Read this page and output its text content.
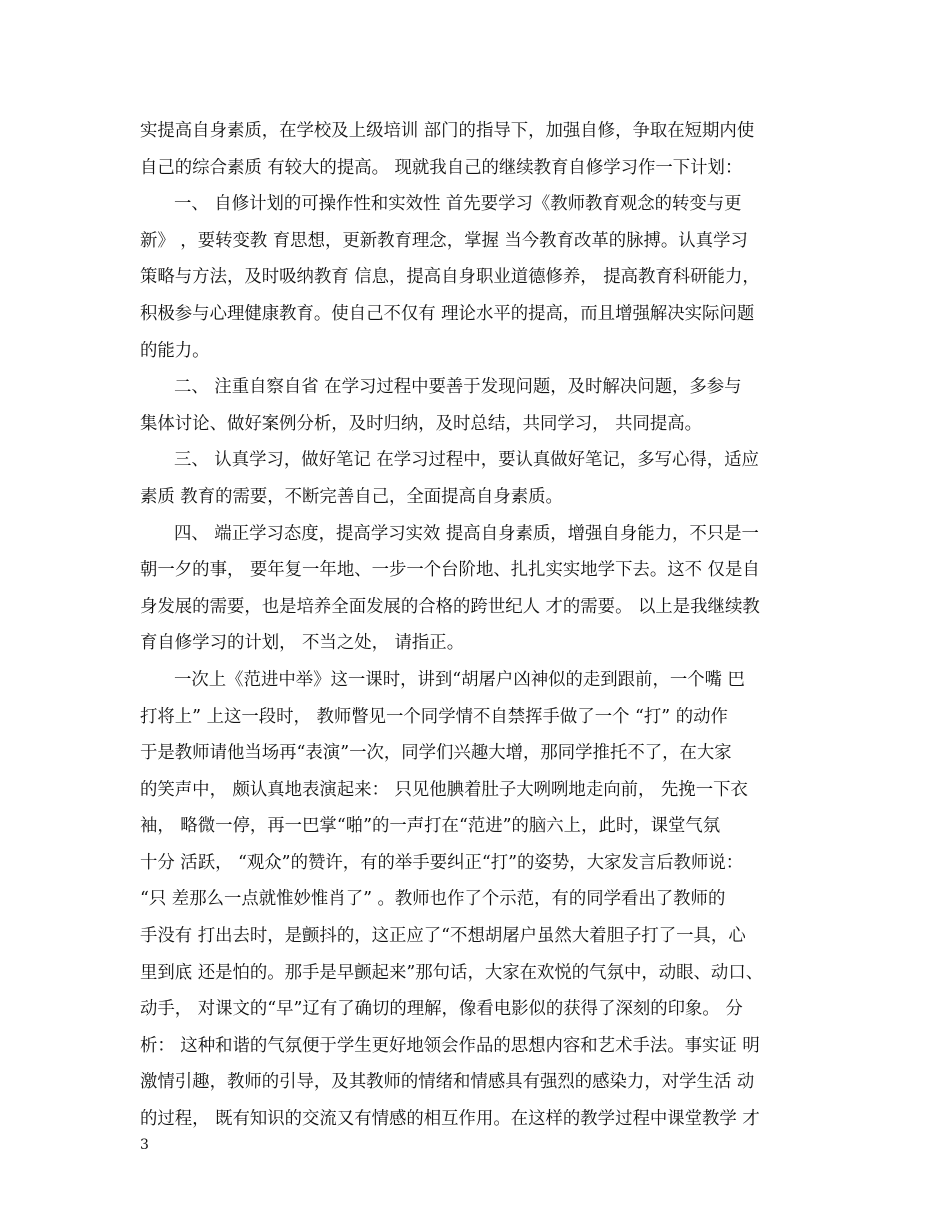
实提高自身素质，在学校及上级培训 部门的指导下，加强自修，争取在短期内使
自己的综合素质 有较大的提高。 现就我自己的继续教育自修学习作一下计划：
一、 自修计划的可操作性和实效性 首先要学习《教师教育观念的转变与更
新》 ，要转变教 育思想，更新教育理念，掌握 当今教育改革的脉搏。认真学习
策略与方法，及时吸纳教育 信息，提高自身职业道德修养， 提高教育科研能力，
积极参与心理健康教育。使自己不仅有 理论水平的提高，而且增强解决实际问题
的能力。
二、 注重自察自省 在学习过程中要善于发现问题，及时解决问题，多参与
集体讨论、做好案例分析，及时归纳，及时总结，共同学习， 共同提高。
三、 认真学习，做好笔记 在学习过程中，要认真做好笔记，多写心得，适应
素质 教育的需要，不断完善自己，全面提高自身素质。
四、 端正学习态度，提高学习实效 提高自身素质，增强自身能力，不只是一
朝一夕的事， 要年复一年地、一步一个台阶地、扎扎实实地学下去。这不 仅是自
身发展的需要，也是培养全面发展的合格的跨世纪人 才的需要。 以上是我继续教
育自修学习的计划， 不当之处， 请指正。
一次上《范进中举》这一课时，讲到“胡屠户凶神似的走到跟前，一个嘴 巴
打将上” 上这一段时， 教师瞥见一个同学情不自禁挥手做了一个 “打” 的动作
于是教师请他当场再“表演”一次，同学们兴趣大增，那同学推托不了，在大家
的笑声中， 颇认真地表演起来： 只见他腆着肚子大咧咧地走向前， 先挽一下衣
袖， 略微一停，再一巴掌“啪”的一声打在“范进”的脑六上，此时，课堂气氛
十分 活跃， “观众”的赞许，有的举手要纠正“打”的姿势，大家发言后教师说：
“只 差那么一点就惟妙惟肖了” 。教师也作了个示范，有的同学看出了教师的
手没有 打出去时，是颤抖的，这正应了“不想胡屠户虽然大着胆子打了一具，心
里到底 还是怕的。那手是早颤起来”那句话，大家在欢悦的气氛中，动眼、动口、
动手， 对课文的“早”辽有了确切的理解，像看电影似的获得了深刻的印象。 分
析： 这种和谐的气氛便于学生更好地领会作品的思想内容和艺术手法。事实证 明
激情引趣，教师的引导，及其教师的情绪和情感具有强烈的感染力，对学生活 动
的过程， 既有知识的交流又有情感的相互作用。在这样的教学过程中课堂教学 才
3
